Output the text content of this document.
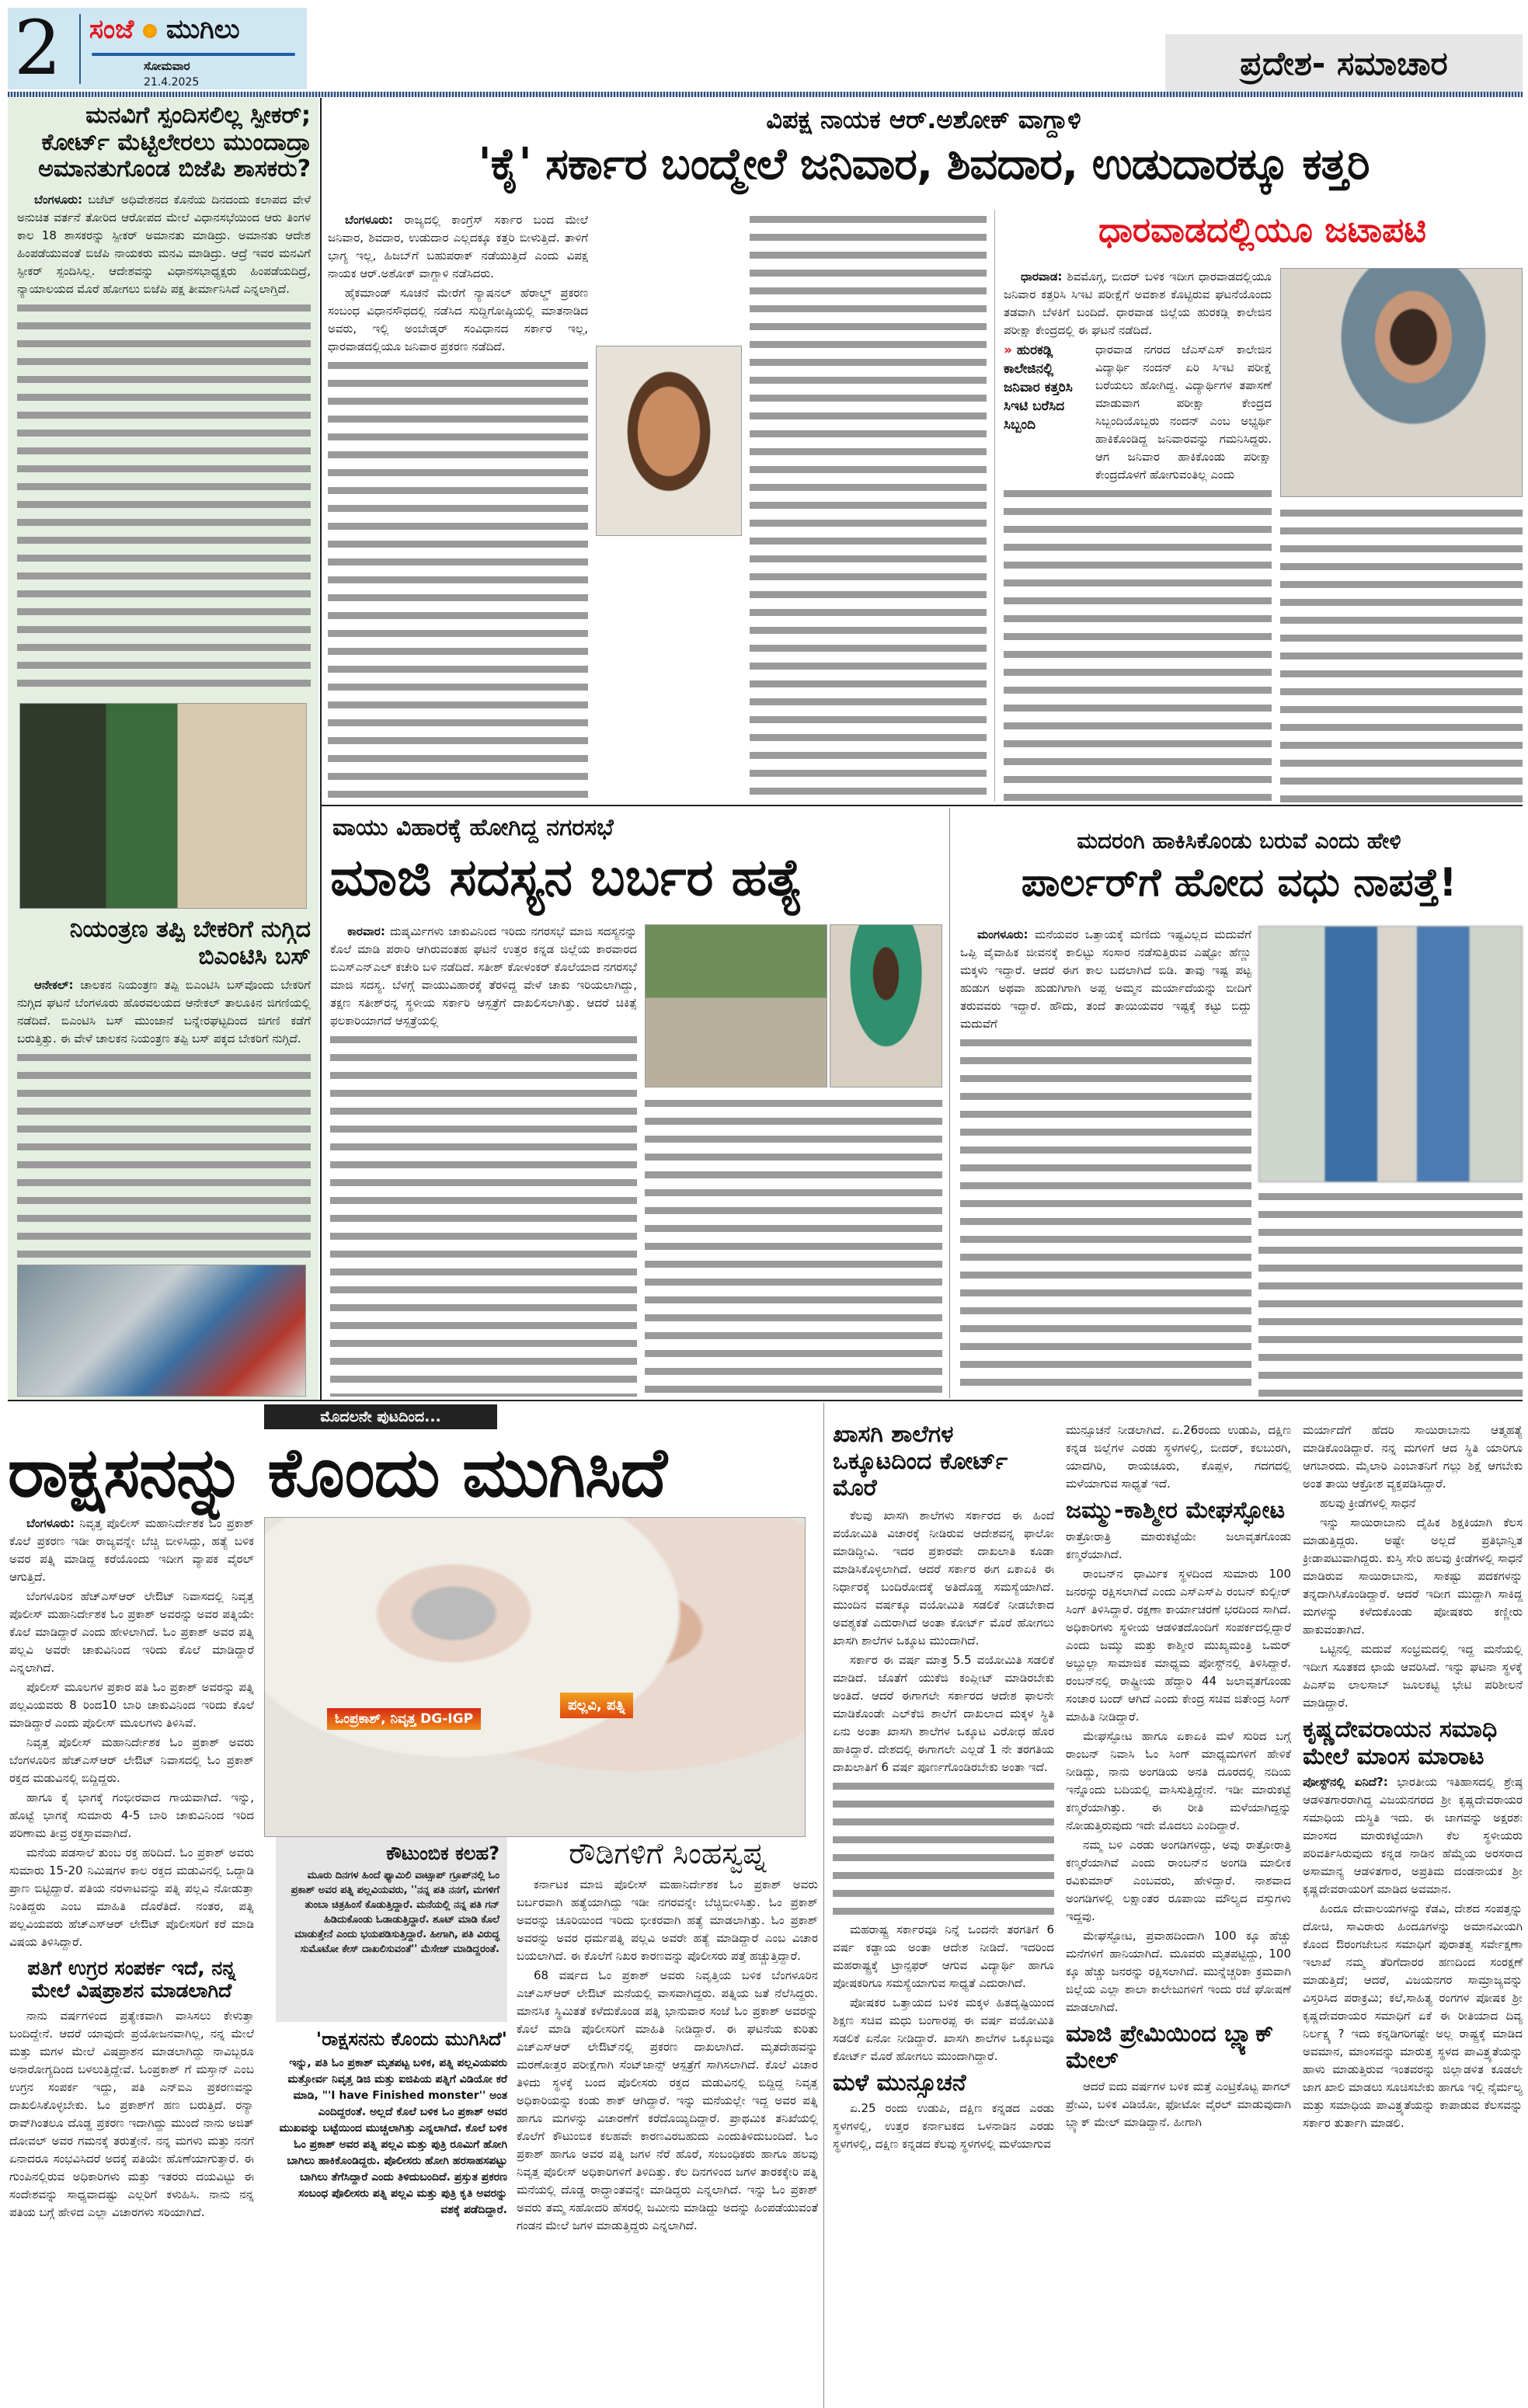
2 ಸಂಜೆ ಮುಗಿಲು
ಸೋಮವಾರ
21.4.2025	ಪ್ರದೇಶ- ಸಮಾಚಾರ
ಮನವಿಗೆ ಸ್ಪಂದಿಸಲಿಲ್ಲ ಸ್ಪೀಕರ್; ಕೋರ್ಟ್ ಮೆಟ್ಟಿಲೇರಲು ಮುಂದಾದ್ರಾ ಅಮಾನತುಗೊಂಡ ಬಿಜೆಪಿ ಶಾಸಕರು?

ಬೆಂಗಳೂರು: ಬಜೆಟ್ ಅಧಿವೇಶನದ ಕೊನೆಯ ದಿನದಂದು ಕಲಾಪದ ವೇಳೆ ಅನುಚಿತ ವರ್ತನೆ ತೋರಿದ ಆರೋಪದ ಮೇಲೆ ವಿಧಾನಸಭೆಯಿಂದ ಆರು ತಿಂಗಳ ಕಾಲ 18 ಶಾಸಕರನ್ನು ಸ್ಪೀಕರ್ ಅಮಾನತು ಮಾಡಿದ್ರು. ಅಮಾನತು ಆದೇಶ ಹಿಂಪಡೆಯುವಂತೆ ಬಿಜೆಪಿ ನಾಯಕರು ಮನವಿ ಮಾಡಿದ್ರು. ಆದ್ರೆ ಇವರ ಮನವಿಗೆ ಸ್ಪೀಕರ್ ಸ್ಪಂದಿಸಿಲ್ಲ. ಆದೇಶವನ್ನು ವಿಧಾನಸಭಾಧ್ಯಕ್ಷರು ಹಿಂಪಡೆಯದಿದ್ರೆ, ನ್ಯಾಯಾಲಯದ ಮೊರೆ ಹೋಗಲು ಬಿಜೆಪಿ ಪಕ್ಷ ತೀರ್ಮಾನಿಸಿದೆ ಎನ್ನಲಾಗ್ತಿದೆ.

ನಿಯಂತ್ರಣ ತಪ್ಪಿ ಬೇಕರಿಗೆ ನುಗ್ಗಿದ ಬಿಎಂಟಿಸಿ ಬಸ್

ಆನೇಕಲ್: ಚಾಲಕನ ನಿಯಂತ್ರಣ ತಪ್ಪಿ ಬಿಎಂಟಿಸಿ ಬಸ್‌ವೊಂದು ಬೇಕರಿಗೆ ನುಗ್ಗಿದ ಘಟನೆ ಬೆಂಗಳೂರು ಹೊರವಲಯದ ಆನೇಕಲ್ ತಾಲೂಕಿನ ಜಿಗಣಿಯಲ್ಲಿ ನಡೆದಿದೆ. ಬಿಎಂಟಿಸಿ ಬಸ್ ಮುಂಜಾನೆ ಬನ್ನೇರಘಟ್ಟದಿಂದ ಜಿಗಣಿ ಕಡೆಗೆ ಬರುತ್ತಿತ್ತು. ಈ ವೇಳೆ ಚಾಲಕನ ನಿಯಂತ್ರಣ ತಪ್ಪಿ ಬಸ್ ಪಕ್ಕದ ಬೇಕರಿಗೆ ನುಗ್ಗಿದೆ.

ವಿಪಕ್ಷ ನಾಯಕ ಆರ್.ಅಶೋಕ್ ವಾಗ್ದಾಳಿ
'ಕೈ' ಸರ್ಕಾರ ಬಂದ್ಮೇಲೆ ಜನಿವಾರ, ಶಿವದಾರ, ಉಡುದಾರಕ್ಕೂ ಕತ್ತರಿ

ಬೆಂಗಳೂರು: ರಾಜ್ಯದಲ್ಲಿ ಕಾಂಗ್ರೆಸ್ ಸರ್ಕಾರ ಬಂದ ಮೇಲೆ ಜನಿವಾರ, ಶಿವದಾರ, ಉಡುದಾರ ಎಲ್ಲದಕ್ಕೂ ಕತ್ತರಿ ಬೀಳುತ್ತಿದೆ. ತಾಳಿಗೆ ಭಾಗ್ಯ ಇಲ್ಲ, ಹಿಜಬ್‌ಗೆ ಬಹುಪರಾಕ್ ನಡೆಯುತ್ತಿದೆ ಎಂದು ವಿಪಕ್ಷ ನಾಯಕ ಆರ್.ಅಶೋಕ್ ವಾಗ್ದಾಳಿ ನಡೆಸಿದರು.

ಹೈಕಮಾಂಡ್ ಸೂಚನೆ ಮೇರೆಗೆ ನ್ಯಾಷನಲ್ ಹೆರಾಲ್ಡ್ ಪ್ರಕರಣ ಸಂಬಂಧ ವಿಧಾನಸೌಧದಲ್ಲಿ ನಡೆಸಿದ ಸುದ್ದಿಗೋಷ್ಠಿಯಲ್ಲಿ ಮಾತನಾಡಿದ ಅವರು, ಇಲ್ಲಿ ಅಂಬೇಡ್ಕರ್ ಸಂವಿಧಾನದ ಸರ್ಕಾರ ಇಲ್ಲ, ಧಾರವಾಡದಲ್ಲಿಯೂ ಜನಿವಾರ ಪ್ರಕರಣ ನಡೆದಿದೆ.

ಧಾರವಾಡದಲ್ಲಿಯೂ ಜಟಾಪಟಿ

ಧಾರವಾಡ: ಶಿವಮೊಗ್ಗ, ಬೀದರ್ ಬಳಿಕ ಇದೀಗ ಧಾರವಾಡದಲ್ಲಿಯೂ ಜನಿವಾರ ಕತ್ತರಿಸಿ ಸಿಇಟಿ ಪರೀಕ್ಷೆಗೆ ಅವಕಾಶ ಕೊಟ್ಟಿರುವ ಘಟನೆಯೊಂದು ತಡವಾಗಿ ಬೆಳಕಿಗೆ ಬಂದಿದೆ. ಧಾರವಾಡ ಜಿಲ್ಲೆಯ ಹುರಕಡ್ಲಿ ಕಾಲೇಜಿನ ಪರೀಕ್ಷಾ ಕೇಂದ್ರದಲ್ಲಿ ಈ ಘಟನೆ ನಡೆದಿದೆ.

» ಹುರಕಡ್ಲಿ ಕಾಲೇಜಿನಲ್ಲಿ ಜನಿವಾರ ಕತ್ತರಿಸಿ ಸಿಇಟಿ ಬರೆಸಿದ ಸಿಬ್ಬಂದಿ

ಧಾರವಾಡ ನಗರದ ಜೆಎಸ್‌ಎಸ್ ಕಾಲೇಜಿನ ವಿದ್ಯಾರ್ಥಿ ನಂದನ್ ಏರಿ ಸಿಇಟಿ ಪರೀಕ್ಷೆ ಬರೆಯಲು ಹೋಗಿದ್ದ. ವಿದ್ಯಾರ್ಥಿಗಳ ತಪಾಸಣೆ ಮಾಡುವಾಗ ಪರೀಕ್ಷಾ ಕೇಂದ್ರದ ಸಿಬ್ಬಂದಿಯೊಬ್ಬರು ನಂದನ್ ಎಂಬ ಅಭ್ಯರ್ಥಿ ಹಾಕಿಕೊಂಡಿದ್ದ ಜನಿವಾರವನ್ನು ಗಮನಿಸಿದ್ದರು. ಆಗ ಜನಿವಾರ ಹಾಕಿಕೊಂಡು ಪರೀಕ್ಷಾ ಕೇಂದ್ರದೊಳಗೆ ಹೋಗುವಂತಿಲ್ಲ ಎಂದು

ವಾಯು ವಿಹಾರಕ್ಕೆ ಹೋಗಿದ್ದ ನಗರಸಭೆ
ಮಾಜಿ ಸದಸ್ಯನ ಬರ್ಬರ ಹತ್ಯೆ

ಕಾರವಾರ: ದುಷ್ಕರ್ಮಿಗಳು ಚಾಕುವಿನಿಂದ ಇರಿದು ನಗರಸಭೆ ಮಾಜಿ ಸದಸ್ಯನನ್ನು ಕೊಲೆ ಮಾಡಿ ಪರಾರಿ ಆಗಿರುವಂತಹ ಘಟನೆ ಉತ್ತರ ಕನ್ನಡ ಜಿಲ್ಲೆಯ ಕಾರವಾರದ ಬಿಎಸ್‌ಎನ್‌ಎಲ್ ಕಚೇರಿ ಬಳಿ ನಡೆದಿದೆ. ಸತೀಶ್ ಕೋಳಂಕರ್ ಕೊಲೆಯಾದ ನಗರಸಭೆ ಮಾಜಿ ಸದಸ್ಯ. ಬೆಳಗ್ಗೆ ವಾಯುವಿಹಾರಕ್ಕೆ ತೆರಳಿದ್ದ ವೇಳೆ ಚಾಕು ಇರಿಯಲಾಗಿದ್ದು, ತಕ್ಷಣ ಸತೀಶ್‌ರನ್ನ ಸ್ಥಳೀಯ ಸರ್ಕಾರಿ ಆಸ್ಪತ್ರೆಗೆ ದಾಖಲಿಸಲಾಗಿತ್ತು. ಆದರೆ ಚಿಕಿತ್ಸೆ ಫಲಕಾರಿಯಾಗದೆ ಆಸ್ಪತ್ರೆಯಲ್ಲಿ

ಮದರಂಗಿ ಹಾಕಿಸಿಕೊಂಡು ಬರುವೆ ಎಂದು ಹೇಳಿ
ಪಾರ್ಲರ್‌ಗೆ ಹೋದ ವಧು ನಾಪತ್ತೆ!

ಮಂಗಳೂರು: ಮನೆಯವರ ಒತ್ತಾಯಕ್ಕೆ ಮಣಿದು ಇಷ್ಟವಿಲ್ಲದ ಮದುವೆಗೆ ಒಪ್ಪಿ ವೈವಾಹಿಕ ಜೀವನಕ್ಕೆ ಕಾಲಿಟ್ಟು ಸಂಸಾರ ನಡೆಸುತ್ತಿರುವ ಎಷ್ಟೋ ಹೆಣ್ಣು ಮಕ್ಕಳು ಇದ್ದಾರೆ. ಆದರೆ ಈಗ ಕಾಲ ಬದಲಾಗಿದೆ ಬಿಡಿ. ತಾವು ಇಷ್ಟ ಪಟ್ಟ ಹುಡುಗ ಅಥವಾ ಹುಡುಗಿಗಾಗಿ ಅಪ್ಪ ಅಮ್ಮನ ಮರ್ಯಾದೆಯನ್ನು ಬೀದಿಗೆ ತರುವವರು ಇದ್ದಾರೆ. ಹೌದು, ತಂದೆ ತಾಯಿಯವರ ಇಷ್ಟಕ್ಕೆ ಕಟ್ಟು ಬಿದ್ದು ಮದುವೆಗೆ

ಮೊದಲನೇ ಪುಟದಿಂದ...
ರಾಕ್ಷಸನನ್ನು ಕೊಂದು ಮುಗಿಸಿದೆ

ಬೆಂಗಳೂರು: ನಿವೃತ್ತ ಪೊಲೀಸ್ ಮಹಾನಿರ್ದೇಶಕ ಓಂ ಪ್ರಕಾಶ್ ಕೊಲೆ ಪ್ರಕರಣ ಇಡೀ ರಾಜ್ಯವನ್ನೇ ಬೆಚ್ಚಿ ಬೀಳಿಸಿದ್ದು, ಹತ್ಯೆ ಬಳಿಕ ಅವರ ಪತ್ನಿ ಮಾಡಿದ್ದ ಕರೆಯೊಂದು ಇದೀಗ ವ್ಯಾಪಕ ವೈರಲ್ ಆಗುತ್ತಿದೆ.

ಬೆಂಗಳೂರಿನ ಹೆಚ್‌ಎಸ್‌ಆರ್ ಲೇಔಟ್ ನಿವಾಸದಲ್ಲಿ ನಿವೃತ್ತ ಪೊಲೀಸ್ ಮಹಾನಿರ್ದೇಶಕ ಓಂ ಪ್ರಕಾಶ್ ಅವರನ್ನು ಅವರ ಪತ್ನಿಯೇ ಕೊಲೆ ಮಾಡಿದ್ದಾರೆ ಎಂದು ಹೇಳಲಾಗಿದೆ. ಓಂ ಪ್ರಕಾಶ್ ಅವರ ಪತ್ನಿ ಪಲ್ಲವಿ ಅವರೇ ಚಾಕುವಿನಿಂದ ಇರಿದು ಕೊಲೆ ಮಾಡಿದ್ದಾರೆ ಎನ್ನಲಾಗಿದೆ.

ಪೊಲೀಸ್ ಮೂಲಗಳ ಪ್ರಕಾರ ಪತಿ ಓಂ ಪ್ರಕಾಶ್ ಅವರನ್ನು ಪತ್ನಿ ಪಲ್ಲವಿಯವರು 8 ರಿಂದ10 ಬಾರಿ ಚಾಕುವಿನಿಂದ ಇರಿದು ಕೊಲೆ ಮಾಡಿದ್ದಾರೆ ಎಂದು ಪೊಲೀಸ್ ಮೂಲಗಳು ತಿಳಿಸಿವೆ.

ನಿವೃತ್ತ ಪೊಲೀಸ್ ಮಹಾನಿರ್ದೇಶಕ ಓಂ ಪ್ರಕಾಶ್ ಅವರು ಬೆಂಗಳೂರಿನ ಹೆಚ್‌ಎಸ್‌ಆರ್ ಲೇಔಟ್ ನಿವಾಸದಲ್ಲಿ ಓಂ ಪ್ರಕಾಶ್ ರಕ್ತದ ಮಡುವಿನಲ್ಲಿ ಬಿದ್ದಿದ್ದರು.

ಹಾಗೂ ಕೈ ಭಾಗಕ್ಕೆ ಗಂಭೀರವಾದ ಗಾಯವಾಗಿದೆ. ಇನ್ನು, ಹೊಟ್ಟೆ ಭಾಗಕ್ಕೆ ಸುಮಾರು 4-5 ಬಾರಿ ಚಾಕುವಿನಿಂದ ಇರಿದ ಪರಿಣಾಮ ತೀವ್ರ ರಕ್ತಸ್ರಾವವಾಗಿದೆ.

ಮನೆಯ ಪಡಸಾಲೆ ತುಂಬ ರಕ್ತ ಹರಿದಿದೆ. ಓಂ ಪ್ರಕಾಶ್ ಅವರು ಸುಮಾರು 15-20 ನಿಮಿಷಗಳ ಕಾಲ ರಕ್ತದ ಮಡುವಿನಲ್ಲಿ ಒದ್ದಾಡಿ ಪ್ರಾಣ ಬಿಟ್ಟಿದ್ದಾರೆ. ಪತಿಯ ನರಳಾಟವನ್ನು ಪತ್ನಿ ಪಲ್ಲವಿ ನೋಡುತ್ತಾ ನಿಂತಿದ್ದರು ಎಂಬ ಮಾಹಿತಿ ದೊರೆತಿದೆ. ನಂತರ, ಪತ್ನಿ ಪಲ್ಲವಿಯವರು ಹೆಚ್‌ಎಸ್‌ಆರ್ ಲೇಔಟ್ ಪೊಲೀಸರಿಗೆ ಕರೆ ಮಾಡಿ ವಿಷಯ ತಿಳಿಸಿದ್ದಾರೆ.

ಪತಿಗೆ ಉಗ್ರರ ಸಂಪರ್ಕ ಇದೆ, ನನ್ನ ಮೇಲೆ ವಿಷಪ್ರಾಶನ ಮಾಡಲಾಗಿದೆ

ನಾನು ವರ್ಷಗಳಿಂದ ಪ್ರತ್ಯೇಕವಾಗಿ ವಾಸಿಸಲು ಕೇಳುತ್ತಾ ಬಂದಿದ್ದೇನೆ. ಆದರೆ ಯಾವುದೇ ಪ್ರಯೋಜನವಾಗಿಲ್ಲ, ನನ್ನ ಮೇಲೆ ಮತ್ತು ಮಗಳ ಮೇಲೆ ವಿಷಪ್ರಾಶನ ಮಾಡಲಾಗಿದ್ದು ನಾವಿಬ್ಬರೂ ಅನಾರೋಗ್ಯದಿಂದ ಬಳಲುತ್ತಿದ್ದೇವೆ. ಓಂಪ್ರಕಾಶ್ ಗೆ ಮಸ್ತಾನ್ ಎಂಬ ಉಗ್ರನ ಸಂಪರ್ಕ ಇದ್ದು, ಪತಿ ಎನ್‌ಐಎ ಪ್ರಕರಣವನ್ನು ದಾಖಲಿಸಿಕೊಳ್ಳಬೇಕು. ಓಂ ಪ್ರಕಾಶ್‌ಗೆ ಹಣ ಬರುತ್ತಿದೆ. ರನ್ಯಾ ರಾವ್‌ಗಿಂತಲೂ ದೊಡ್ಡ ಪ್ರಕರಣ ಇದಾಗಿದ್ದು ಮುಂದೆ ನಾನು ಅಜಿತ್ ದೋವಲ್ ಅವರ ಗಮನಕ್ಕೆ ತರುತ್ತೇನೆ. ನನ್ನ ಮಗಳು ಮತ್ತು ನನಗೆ ಏನಾದರೂ ಸಂಭವಿಸಿದರೆ ಅದಕ್ಕೆ ಪತಿಯೇ ಹೊಣೆಯಾಗುತ್ತಾರೆ. ಈ ಗುಂಪಿನಲ್ಲಿರುವ ಅಧಿಕಾರಿಗಳು ಮತ್ತು ಇತರರು ದಯವಿಟ್ಟು ಈ ಸಂದೇಶವನ್ನು ಸಾಧ್ಯವಾದಷ್ಟು ಎಲ್ಲರಿಗೆ ಕಳುಹಿಸಿ. ನಾನು ನನ್ನ ಪತಿಯ ಬಗ್ಗೆ ಹೇಳಿದ ಎಲ್ಲಾ ವಿಚಾರಗಳು ಸರಿಯಾಗಿದೆ.

ಓಂಪ್ರಕಾಶ್, ನಿವೃತ್ತ DG-IGP
ಪಲ್ಲವಿ, ಪತ್ನಿ
ಕೌಟುಂಬಿಕ ಕಲಹ?

ಮೂರು ದಿನಗಳ ಹಿಂದೆ ಫ್ಯಾಮಿಲಿ ವಾಟ್ಸಾಪ್ ಗ್ರೂಪ್‌ನಲ್ಲಿ ಓಂ ಪ್ರಕಾಶ್ ಅವರ ಪತ್ನಿ ಪಲ್ಲವಿಯವರು, ''ನನ್ನ ಪತಿ ನನಗೆ, ಮಗಳಿಗೆ ತುಂಬಾ ಚಿತ್ರಹಿಂಸೆ ಕೊಡುತ್ತಿದ್ದಾರೆ. ಮನೆಯಲ್ಲಿ ನನ್ನ ಪತಿ ಗನ್ ಹಿಡಿದುಕೊಂಡು ಓಡಾಡುತ್ತಿದ್ದಾರೆ. ಶೂಟ್ ಮಾಡಿ ಕೊಲೆ ಮಾಡುತ್ತೇನೆ ಎಂದು ಭಯಪಡಿಸುತ್ತಿದ್ದಾರೆ. ಹೀಗಾಗಿ, ಪತಿ ವಿರುದ್ಧ ಸುಮೊಟೋ ಕೇಸ್ ದಾಖಲಿಸುವಂತೆ'' ಮೆಸೇಜ್ ಮಾಡಿದ್ದರಂತೆ.

'ರಾಕ್ಷಸನನು ಕೊಂದು ಮುಗಿಸಿದೆ'

ಇನ್ನು, ಪತಿ ಓಂ ಪ್ರಕಾಶ್ ಮೃತಪಟ್ಟ ಬಳಿಕ, ಪತ್ನಿ ಪಲ್ಲವಿಯವರು ಮತ್ತೋರ್ವ ನಿವೃತ್ತ ಡಿಜಿ ಮತ್ತು ಐಜಿಪಿಯ ಪತ್ನಿಗೆ ವಿಡಿಯೋ ಕರೆ ಮಾಡಿ, "'I have Finished monster'' ಅಂತ ಎಂದಿದ್ದರಂತೆ. ಅಲ್ಲದೆ ಕೊಲೆ ಬಳಿಕ ಓಂ ಪ್ರಕಾಶ್ ಅವರ ಮುಖವನ್ನು ಬಟ್ಟೆಯಿಂದ ಮುಚ್ಚಲಾಗಿತ್ತು ಎನ್ನಲಾಗಿದೆ. ಕೊಲೆ ಬಳಿಕ ಓಂ ಪ್ರಕಾಶ್ ಅವರ ಪತ್ನಿ ಪಲ್ಲವಿ ಮತ್ತು ಪುತ್ರಿ ರೂಮಿಗೆ ಹೋಗಿ ಬಾಗಿಲು ಹಾಕಿಕೊಂಡಿದ್ದರು. ಪೊಲೀಸರು ಹೋಗಿ ಹರಸಾಹಸಪಟ್ಟು ಬಾಗಿಲು ತೆಗೆಸಿದ್ದಾರೆ ಎಂದು ತಿಳಿದುಬಂದಿದೆ. ಪ್ರಸ್ತುತ ಪ್ರಕರಣ ಸಂಬಂಧ ಪೊಲೀಸರು ಪತ್ನಿ ಪಲ್ಲವಿ ಮತ್ತು ಪುತ್ರಿ ಕೃತಿ ಅವರನ್ನು ವಶಕ್ಕೆ ಪಡೆದಿದ್ದಾರೆ.

ರೌಡಿಗಳಿಗೆ ಸಿಂಹಸ್ವಪ್ನ

ಕರ್ನಾಟಕ ಮಾಜಿ ಪೊಲೀಸ್ ಮಹಾನಿರ್ದೇಶಕ ಓಂ ಪ್ರಕಾಶ್ ಅವರು ಬರ್ಬರವಾಗಿ ಹತ್ಯೆಯಾಗಿದ್ದು ಇಡೀ ನಗರವನ್ನೇ ಬೆಚ್ಚಿಬೀಳಿಸಿತ್ತು. ಓಂ ಪ್ರಕಾಶ್ ಅವರನ್ನು ಚೂರಿಯಿಂದ ಇರಿದು ಭೀಕರವಾಗಿ ಹತ್ಯೆ ಮಾಡಲಾಗಿತ್ತು. ಓಂ ಪ್ರಕಾಶ್ ಅವರನ್ನು ಅವರ ಧರ್ಮಪತ್ನಿ ಪಲ್ಲವಿ ಅವರೇ ಹತ್ಯೆ ಮಾಡಿದ್ದಾರೆ ಎಂಬ ವಿಚಾರ ಬಯಲಾಗಿದೆ. ಈ ಕೊಲೆಗೆ ನಿಖರ ಕಾರಣವನ್ನು ಪೊಲೀಸರು ಪತ್ತೆ ಹಚ್ಚುತ್ತಿದ್ದಾರೆ.

68 ವರ್ಷದ ಓಂ ಪ್ರಕಾಶ್ ಅವರು ನಿವೃತ್ತಿಯ ಬಳಿಕ ಬೆಂಗಳೂರಿನ ಎಚ್‌ಎಸ್‌ಆರ್ ಲೇಔಟ್ ಮನೆಯಲ್ಲಿ ವಾಸವಾಗಿದ್ದರು. ಪತ್ನಿಯ ಜತೆ ನೆಲೆಸಿದ್ದರು. ಮಾನಸಿಕ ಸ್ಥಿಮಿತತೆ ಕಳೆದುಕೊಂಡ ಪತ್ನಿ ಭಾನುವಾರ ಸಂಜೆ ಓಂ ಪ್ರಕಾಶ್ ಅವರನ್ನು ಕೊಲೆ ಮಾಡಿ ಪೊಲೀಸರಿಗೆ ಮಾಹಿತಿ ನೀಡಿದ್ದಾರೆ. ಈ ಘಟನೆಯ ಕುರಿತು ಎಚ್‌ಎಸ್‌ಆರ್ ಲೇಔಟ್‌ನಲ್ಲಿ ಪ್ರಕರಣ ದಾಖಲಾಗಿದೆ. ಮೃತದೇಹವನ್ನು ಮರಣೋತ್ತರ ಪರೀಕ್ಷೆಗಾಗಿ ಸೆಂಟ್‌ಜಾನ್ಸ್ ಆಸ್ಪತ್ರೆಗೆ ಸಾಗಿಸಲಾಗಿದೆ. ಕೊಲೆ ವಿಚಾರ ತಿಳಿದು ಸ್ಥಳಕ್ಕೆ ಬಂದ ಪೊಲೀಸರು ರಕ್ತದ ಮಡುವಿನಲ್ಲಿ ಬಿದ್ದಿದ್ದ ನಿವೃತ್ತ ಅಧಿಕಾರಿಯನ್ನು ಕಂಡು ಶಾಕ್ ಆಗಿದ್ದಾರೆ. ಇನ್ನು ಮನೆಯಲ್ಲೇ ಇದ್ದ ಅವರ ಪತ್ನಿ ಹಾಗೂ ಮಗಳನ್ನು ವಿಚಾರಣೆಗೆ ಕರೆದೊಯ್ಯಿದಿದ್ದಾರೆ. ಪ್ರಾಥಮಿಕ ತನಿಖೆಯಲ್ಲಿ ಕೊಲೆಗೆ ಕೌಟುಂಬಿಕ ಕಲಹವೇ ಕಾರಣವಿರಬಹುದು ಎಂದುತಿಳಿದುಬಂದಿದೆ. ಓಂ ಪ್ರಕಾಶ್ ಹಾಗೂ ಅವರ ಪತ್ನಿ ಜಗಳ ನೆರೆ ಹೊರೆ, ಸಂಬಂಧಿಕರು ಹಾಗೂ ಹಲವು ನಿವೃತ್ತ ಪೊಲೀಸ್ ಅಧಿಕಾರಿಗಳಿಗೆ ತಿಳಿದಿತ್ತು. ಕೆಲ ದಿನಗಳಿಂದ ಜಗಳ ತಾರಕಕ್ಕೇರಿ ಪತ್ನಿ ಮನೆಯಲ್ಲಿ ದೊಡ್ಡ ರಾದ್ಧಾಂತವನ್ನೇ ಮಾಡಿದ್ದರು ಎನ್ನಲಾಗಿದೆ. ಇನ್ನು ಓಂ ಪ್ರಕಾಶ್ ಅವರು ತಮ್ಮ ಸಹೋದರಿ ಹೆಸರಲ್ಲಿ ಜಮೀನು ಮಾಡಿದ್ದು ಅದನ್ನು ಹಿಂಪಡೆಯುವಂತೆ ಗಂಡನ ಮೇಲೆ ಜಗಳ ಮಾಡುತ್ತಿದ್ದರು ಎನ್ನಲಾಗಿದೆ.

ಖಾಸಗಿ ಶಾಲೆಗಳ ಒಕ್ಕೂಟದಿಂದ ಕೋರ್ಟ್ ಮೊರೆ

ಕೆಲವು ಖಾಸಗಿ ಶಾಲೆಗಳು ಸರ್ಕಾರದ ಈ ಹಿಂದೆ ವಯೋಮಿತಿ ವಿಚಾರಕ್ಕೆ ನೀಡಿರುವ ಆದೇಶವನ್ನ ಫಾಲೋ ಮಾಡಿದ್ದೀವಿ. ಇದರ ಪ್ರಕಾರವೇ ದಾಖಲಾತಿ ಕೂಡಾ ಮಾಡಿಸಿಕೊಳ್ಳಲಾಗಿದೆ. ಆದರೆ ಸರ್ಕಾರ ಈಗ ಏಕಾಏಕಿ ಈ ನಿರ್ಧಾರಕ್ಕೆ ಬಂದಿರೋದಕ್ಕೆ ಅತಿದೊಡ್ಡ ಸಮಸ್ಯೆಯಾಗಿದೆ. ಮುಂದಿನ ವರ್ಷಕ್ಕೂ ವಯೋಮಿತಿ ಸಡಲಿಕೆ ನೀಡಬೇಕಾದ ಅವಶ್ಯಕತೆ ಎದುರಾಗಿದೆ ಅಂತಾ ಕೋರ್ಟ್ ಮೊರೆ ಹೋಗಲು ಖಾಸಗಿ ಶಾಲೆಗಳ ಒಕ್ಕೂಟ ಮುಂದಾಗಿದೆ.

ಸರ್ಕಾರ ಈ ವರ್ಷ ಮಾತ್ರ 5.5 ವಯೋಮಿತಿ ಸಡಲಿಕೆ ಮಾಡಿದೆ. ಜೊತೆಗೆ ಯುಕೆಜಿ ಕಂಪ್ಲೀಟ್ ಮಾಡಿರಬೇಕು ಅಂತಿದೆ. ಆದರೆ ಈಗಾಗಲೇ ಸರ್ಕಾರದ ಆದೇಶ ಫಾಲನೇ ಮಾಡಿಕೊಂಡೇ ಎಲ್‌ಕೆಜಿ ಶಾಲೆಗೆ ದಾಖಲಾದ ಮಕ್ಕಳ ಸ್ಥಿತಿ ಏನು ಅಂತಾ ಖಾಸಗಿ ಶಾಲೆಗಳ ಒಕ್ಕೂಟ ವಿರೋಧ ಹೊರ ಹಾಕಿದ್ದಾರೆ. ದೇಶದಲ್ಲಿ ಈಗಾಗಲೇ ಎಲ್ಲಡೆ 1 ನೇ ತರಗತಿಯ ದಾಖಲಾತಿಗೆ 6 ವರ್ಷ ಪೂರ್ಣಗೊಂಡಿರಬೇಕು ಅಂತಾ ಇದೆ.

ಮಹರಾಷ್ಟ್ರ ಸರ್ಕಾರವೂ ನಿನ್ನೆ ಒಂದನೇ ತರಗತಿಗೆ 6 ವರ್ಷ ಕಡ್ಡಾಯ ಅಂತಾ ಆದೇಶ ನೀಡಿದೆ. ಇದರಿಂದ ಮಹರಾಷ್ಟ್ರಕ್ಕೆ ಟ್ರಾನ್ಸಫರ್ ಆಗುವ ವಿದ್ಯಾರ್ಥಿ ಹಾಗೂ ಪೋಷಕರಿಗೂ ಸಮಸ್ಯೆಯಾಗುವ ಸಾಧ್ಯತೆ ಎದುರಾಗಿದೆ.

ಪೋಷಕರ ಒತ್ತಾಯದ ಬಳಿಕ ಮಕ್ಕಳ ಹಿತದೃಷ್ಟಿಯಿಂದ ಶಿಕ್ಷಣ ಸಚಿವ ಮಧು ಬಂಗಾರಪ್ಪ ಈ ವರ್ಷ ವಯೋಮಿತಿ ಸಡಲಿಕೆ ಏನೋ ನೀಡಿದ್ದಾರೆ. ಖಾಸಗಿ ಶಾಲೆಗಳ ಒಕ್ಕೂಟವೂ ಕೋರ್ಟ್ ಮೊರೆ ಹೋಗಲು ಮುಂದಾಗಿದ್ದಾರೆ.

ಮಳೆ ಮುನ್ಸೂಚನೆ

ಏ.25 ರಂದು ಉಡುಪಿ, ದಕ್ಷಿಣ ಕನ್ನಡದ ಎರಡು ಸ್ಥಳಗಳಲ್ಲಿ, ಉತ್ತರ ಕರ್ನಾಟಕದ ಒಳನಾಡಿನ ಎರಡು ಸ್ಥಳಗಳಲ್ಲಿ, ದಕ್ಷಿಣ ಕನ್ನಡದ ಕೆಲವು ಸ್ಥಳಗಳಲ್ಲಿ ಮಳೆಯಾಗುವ

ಮುನ್ಸೂಚನೆ ನೀಡಲಾಗಿದೆ. ಏ.26ರಂದು ಉಡುಪಿ, ದಕ್ಷಿಣ ಕನ್ನಡ ಜಿಲ್ಲೆಗಳ ಎರಡು ಸ್ಥಳಗಳಲ್ಲಿ, ಬೀದರ್, ಕಲಬುರಗಿ, ಯಾದಗಿರಿ, ರಾಯಚೂರು, ಕೊಪ್ಪಳ, ಗದಗದಲ್ಲಿ ಮಳೆಯಾಗುವ ಸಾಧ್ಯತೆ ಇದೆ.

ಜಮ್ಮು-ಕಾಶ್ಮೀರ ಮೇಘಸ್ಫೋಟ

ರಾತ್ರೋರಾತ್ರಿ ಮಾರುಕಟ್ಟೆಯೇ ಜಲಾವೃತಗೊಂಡು ಕಣ್ಮರೆಯಾಗಿದೆ.

ರಾಂಬನ್‌ನ ಧಾರ್ಮಿಕ ಸ್ಥಳದಿಂದ ಸುಮಾರು 100 ಜನರನ್ನು ರಕ್ಷಿಸಲಾಗಿದೆ ಎಂದು ಎಸ್‌ಎಸ್‌ಪಿ ರಂಬನ್ ಕುಲ್ಬೀರ್ ಸಿಂಗ್ ತಿಳಿಸಿದ್ದಾರೆ. ರಕ್ಷಣಾ ಕಾರ್ಯಾಚರಣೆ ಭರದಿಂದ ಸಾಗಿದೆ. ಅಧಿಕಾರಿಗಳು ಸ್ಥಳೀಯ ಆಡಳಿತದೊಂದಿಗೆ ಸಂಪರ್ಕದಲ್ಲಿದ್ದಾರೆ ಎಂದು ಜಮ್ಮು ಮತ್ತು ಕಾಶ್ಮೀರ ಮುಖ್ಯಮಂತ್ರಿ ಒಮರ್ ಅಬ್ದುಲ್ಲಾ ಸಾಮಾಜಿಕ ಮಾಧ್ಯಮ ಪೋಸ್ಟ್‌ನಲ್ಲಿ ತಿಳಿಸಿದ್ದಾರೆ. ರಂಬನ್‌ನಲ್ಲಿ ರಾಷ್ಟ್ರೀಯ ಹೆದ್ದಾರಿ 44 ಜಲಾವೃತಗೊಂಡು ಸಂಚಾರ ಬಂದ್ ಆಗಿದೆ ಎಂದು ಕೇಂದ್ರ ಸಚಿವ ಜಿತೇಂದ್ರ ಸಿಂಗ್ ಮಾಹಿತಿ ನೀಡಿದ್ದಾರೆ.

ಮೇಘಸ್ಫೋಟ ಹಾಗೂ ಏಕಾಏಕಿ ಮಳೆ ಸುರಿದ ಬಗ್ಗೆ ರಾಂಬನ್ ನಿವಾಸಿ ಓಂ ಸಿಂಗ್ ಮಾಧ್ಯಮಗಳಿಗೆ ಹೇಳಿಕೆ ನೀಡಿದ್ದು, ನಾನು ಅಂಗಡಿಯ ಅನತಿ ದೂರದಲ್ಲಿ ನದಿಯ ಇನ್ನೊಂದು ಬದಿಯಲ್ಲಿ ವಾಸಿಸುತ್ತಿದ್ದೇನೆ. ಇಡೀ ಮಾರುಕಟ್ಟೆ ಕಣ್ಮರೆಯಾಗಿತ್ತು. ಈ ರೀತಿ ಮಳೆಯಾಗಿದ್ದನ್ನು ನೋಡುತ್ತಿರುವುದು ಇದೇ ಮೊದಲು ಎಂದಿದ್ದಾರೆ.

ನಮ್ಮ ಬಳಿ ಎರಡು ಅಂಗಡಿಗಳಿದ್ದು, ಅವು ರಾತ್ರೋರಾತ್ರಿ ಕಣ್ಮರೆಯಾಗಿವೆ ಎಂದು ರಾಂಬನ್‌ನ ಅಂಗಡಿ ಮಾಲೀಕ ರವಿಕುಮಾರ್ ಎಂಬವರು, ಹೇಳಿದ್ದಾರೆ. ನಾಶವಾದ ಅಂಗಡಿಗಳಲ್ಲಿ ಲಕ್ಷಾಂತರ ರೂಪಾಯಿ ಮೌಲ್ಯದ ವಸ್ತುಗಳು ಇದ್ದವು.

ಮೇಘಸ್ಫೋಟ, ಪ್ರವಾಹದಿಂದಾಗಿ 100 ಕ್ಕೂ ಹೆಚ್ಚು ಮನೆಗಳಿಗೆ ಹಾನಿಯಾಗಿದೆ. ಮೂವರು ಮೃತಪಟ್ಟಿದ್ದು, 100 ಕ್ಕೂ ಹೆಚ್ಚು ಜನರನ್ನು ರಕ್ಷಿಸಲಾಗಿದೆ. ಮುನ್ನೆಚ್ಚರಿಕಾ ಕ್ರಮವಾಗಿ ಜಿಲ್ಲೆಯ ಎಲ್ಲಾ ಶಾಲಾ ಕಾಲೇಜುಗಳಿಗೆ ಇಂದು ರಜೆ ಘೋಷಣೆ ಮಾಡಲಾಗಿದೆ.

ಮಾಜಿ ಪ್ರೇಮಿಯಿಂದ ಬ್ಲ್ಯಾಕ್ ಮೇಲ್

ಆದರೆ ಐದು ವರ್ಷಗಳ ಬಳಿಕ ಮತ್ತೆ ಎಂಟ್ರಿಕೊಟ್ಟ ಪಾಗಲ್ ಪ್ರೇಮಿ, ಬಳಿಕ ವಿಡಿಯೋ, ಫೋಟೋ ವೈರಲ್ ಮಾಡುವುದಾಗಿ ಬ್ಲ್ಯಾಕ್ ಮೇಲ್ ಮಾಡಿದ್ದಾನೆ. ಹೀಗಾಗಿ

ಮರ್ಯಾದೆಗೆ ಹೆದರಿ ಸಾಯಿರಾಬಾನು ಆತ್ಮಹತ್ಯೆ ಮಾಡಿಕೊಂಡಿದ್ದಾರೆ. ನನ್ನ ಮಗಳಿಗೆ ಆದ ಸ್ಥಿತಿ ಯಾರಿಗೂ ಆಗಬಾರದು. ಮೈಲಾರಿ ಎಂಬಾತನಿಗೆ ಗಲ್ಲು ಶಿಕ್ಷೆ ಆಗಬೇಕು ಅಂತ ತಾಯಿ ಆಕ್ರೋಶ ವ್ಯಕ್ತಪಡಿಸಿದ್ದಾರೆ.

ಹಲವು ಕ್ರೀಡೆಗಳಲ್ಲಿ ಸಾಧನೆ

ಇನ್ನು ಸಾಯಿರಾಬಾನು ದೈಹಿಕ ಶಿಕ್ಷಕಿಯಾಗಿ ಕೆಲಸ ಮಾಡುತ್ತಿದ್ದರು. ಅಷ್ಟೇ ಅಲ್ಲದೆ ಪ್ರತಿಭಾನ್ವಿತ ಕ್ರೀಡಾಪಟುವಾಗಿದ್ದರು. ಕುಸ್ತಿ ಸೇರಿ ಹಲವು ಕ್ರೀಡೆಗಳಲ್ಲಿ ಸಾಧನೆ ಮಾಡಿರುವ ಸಾಯಿರಾಬಾನು, ಸಾಕಷ್ಟು ಪದಕಗಳನ್ನು ತನ್ನದಾಗಿಸಿಕೊಂಡಿದ್ದಾರೆ. ಆದರೆ ಇದೀಗ ಮುದ್ದಾಗಿ ಸಾಕಿದ್ದ ಮಗಳನ್ನು ಕಳೆದುಕೊಂಡು ಪೋಷಕರು ಕಣ್ಣೀರು ಹಾಕುವಂತಾಗಿದೆ.

ಒಟ್ಟಿನಲ್ಲಿ ಮದುವೆ ಸಂಭ್ರಮದಲ್ಲಿ ಇದ್ದ ಮನೆಯಲ್ಲಿ ಇದೀಗ ಸೂತಕದ ಛಾಯೆ ಆವರಿಸಿದೆ. ಇನ್ನು ಘಟನಾ ಸ್ಥಳಕ್ಕೆ ಪಿಎಸ್‌ಐ ಲಾಲಸಾಬ್ ಜೂಲಕಟ್ಟಿ ಭೇಟಿ ಪರಿಶೀಲನೆ ಮಾಡಿದ್ದಾರೆ.

ಕೃಷ್ಣದೇವರಾಯನ ಸಮಾಧಿ ಮೇಲೆ ಮಾಂಸ ಮಾರಾಟ

ಪೋಸ್ಟ್‌ನಲ್ಲಿ ಏನಿದೆ?: ಭಾರತೀಯ ಇತಿಹಾಸದಲ್ಲಿ ಶ್ರೇಷ್ಠ ಆಡಳಿತಗಾರರಾಗಿದ್ದ ವಿಜಯನಗರದ ಶ್ರೀ ಕೃಷ್ಣದೇವರಾಯರ ಸಮಾಧಿಯ ದುಸ್ಥಿತಿ ಇದು. ಈ ಜಾಗವನ್ನು ಅಕ್ಷರಶಃ ಮಾಂಸದ ಮಾರುಕಟ್ಟೆಯಾಗಿ ಕೆಲ ಸ್ಥಳೀಯರು ಪರಿವರ್ತಿಸಿರುವುದು ಕನ್ನಡ ನಾಡಿನ ಹೆಮ್ಮೆಯ ಅರಸರಾದ ಅಸಾಮಾನ್ಯ ಆಡಳಿತಗಾರ, ಅಪ್ರತಿಮ ದಂಡನಾಯಕ ಶ್ರೀ ಕೃಷ್ಣದೇವರಾಯರಿಗೆ ಮಾಡಿದ ಅವಮಾನ.

ಹಿಂದೂ ದೇವಾಲಯಗಳನ್ನು ಕೆಡವಿ, ದೇಶದ ಸಂಪತ್ತನ್ನು ದೋಚಿ, ಸಾವಿರಾರು ಹಿಂದೂಗಳನ್ನು ಅಮಾನವೀಯಗಿ ಕೊಂದ ಔರಂಗಜೇಬನ ಸಮಾಧಿಗೆ ಪುರಾತತ್ವ ಸರ್ವೇಕ್ಷಣಾ ಇಲಾಖೆ ನಮ್ಮ ತೆರಿಗೆದಾರರ ಹಣದಿಂದ ಸಂರಕ್ಷಣೆ ಮಾಡುತ್ತಿದೆ; ಆದರೆ, ವಿಜಯನಗರ ಸಾಮ್ರಾಜ್ಯವನ್ನು ವಿಸ್ತರಿಸಿದ ಪರಾಕ್ರಮಿ; ಕಲೆ,ಸಾಹಿತ್ಯ ರಂಗಗಳ ಪೋಷಕ ಶ್ರೀ ಕೃಷ್ಣದೇವರಾಯರ ಸಮಾಧಿಗೆ ಏಕೆ ಈ ರೀತಿಯಾದ ದಿವ್ಯ ನಿರ್ಲಕ್ಷ್ಯ ? ಇದು ಕನ್ನಡಿಗರಿಗಷ್ಟೇ ಅಲ್ಲ ರಾಷ್ಟ್ರಕ್ಕೆ ಮಾಡಿದ ಅವಮಾನ, ಮಾಂಸವನ್ನು ಮಾರುತ್ತ ಸ್ಥಳದ ಪಾವಿತ್ರ್ಯತೆಯನ್ನು ಹಾಳು ಮಾಡುತ್ತಿರುವ ಇಂತವರನ್ನು ಜಿಲ್ಲಾಡಳಿತ ಕೂಡಲೇ ಜಾಗ ಖಾಲಿ ಮಾಡಲು ಸೂಚಿಸಬೇಕು ಹಾಗೂ ಇಲ್ಲಿ ನೈರ್ಮಲ್ಯ ಮತ್ತು ಸಮಾಧಿಯ ಪಾವಿತ್ರ್ಯತೆಯನ್ನು ಕಾಪಾಡುವ ಕೆಲಸವನ್ನು ಸರ್ಕಾರ ತುರ್ತಾಗಿ ಮಾಡಲಿ.
